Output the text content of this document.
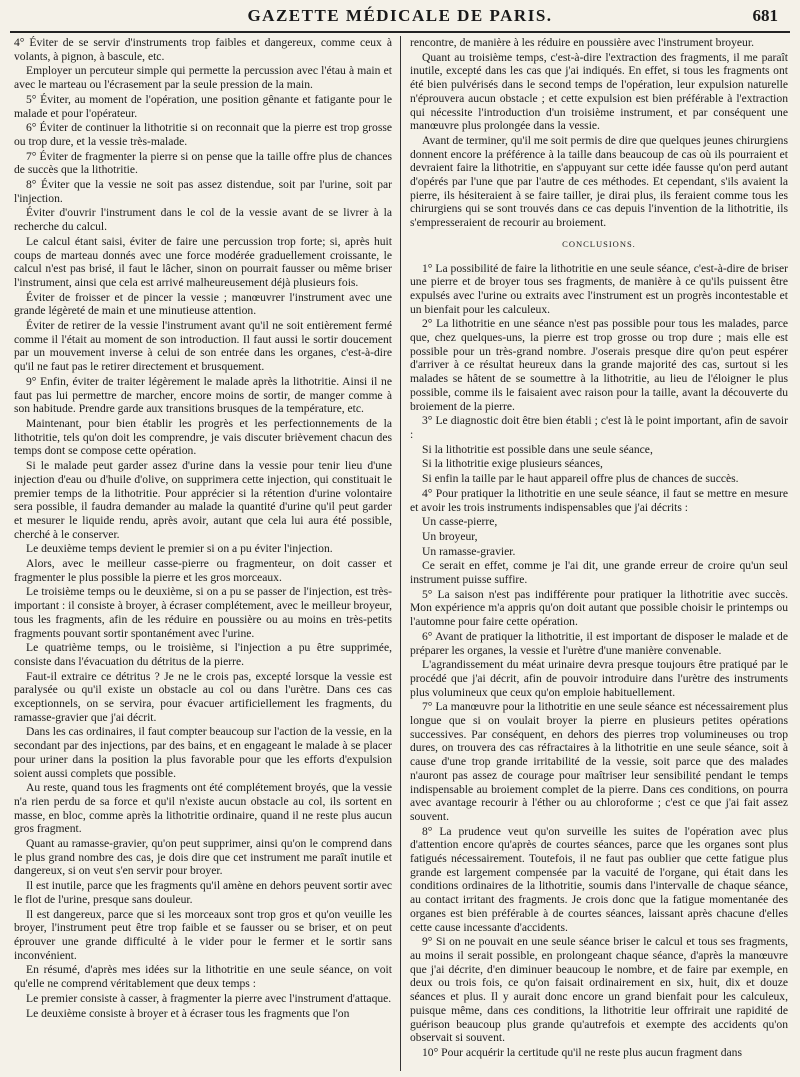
GAZETTE MÉDICALE DE PARIS.	681

4° Éviter de se servir d'instruments trop faibles et dangereux, comme ceux à volants, à pignon, à bascule, etc.

Employer un percuteur simple qui permette la percussion avec l'étau à main et avec le marteau ou l'écrasement par la seule pression de la main.

5° Éviter, au moment de l'opération, une position gênante et fatigante pour le malade et pour l'opérateur.

6° Éviter de continuer la lithotritie si on reconnait que la pierre est trop grosse ou trop dure, et la vessie très-malade.

7° Éviter de fragmenter la pierre si on pense que la taille offre plus de chances de succès que la lithotritie.

8° Éviter que la vessie ne soit pas assez distendue, soit par l'urine, soit par l'injection.

Éviter d'ouvrir l'instrument dans le col de la vessie avant de se livrer à la recherche du calcul.

Le calcul étant saisi, éviter de faire une percussion trop forte; si, après huit coups de marteau donnés avec une force modérée graduellement croissante, le calcul n'est pas brisé, il faut le lâcher, sinon on pourrait fausser ou même briser l'instrument, ainsi que cela est arrivé malheureusement déjà plusieurs fois.

Éviter de froisser et de pincer la vessie ; manœuvrer l'instrument avec une grande légèreté de main et une minutieuse attention.

Éviter de retirer de la vessie l'instrument avant qu'il ne soit entièrement fermé comme il l'était au moment de son introduction. Il faut aussi le sortir doucement par un mouvement inverse à celui de son entrée dans les organes, c'est-à-dire qu'il ne faut pas le retirer directement et brusquement.

9° Enfin, éviter de traiter légèrement le malade après la lithotritie. Ainsi il ne faut pas lui permettre de marcher, encore moins de sortir, de manger comme à son habitude. Prendre garde aux transitions brusques de la température, etc.

Maintenant, pour bien établir les progrès et les perfectionnements de la lithotritie, tels qu'on doit les comprendre, je vais discuter brièvement chacun des temps dont se compose cette opération.

Si le malade peut garder assez d'urine dans la vessie pour tenir lieu d'une injection d'eau ou d'huile d'olive, on supprimera cette injection, qui constituait le premier temps de la lithotritie. Pour apprécier si la rétention d'urine volontaire sera possible, il faudra demander au malade la quantité d'urine qu'il peut garder et mesurer le liquide rendu, après avoir, autant que cela lui aura été possible, cherché à le conserver.

Le deuxième temps devient le premier si on a pu éviter l'injection.

Alors, avec le meilleur casse-pierre ou fragmenteur, on doit casser et fragmenter le plus possible la pierre et les gros morceaux.

Le troisième temps ou le deuxième, si on a pu se passer de l'injection, est très-important : il consiste à broyer, à écraser complétement, avec le meilleur broyeur, tous les fragments, afin de les réduire en poussière ou au moins en très-petits fragments pouvant sortir spontanément avec l'urine.

Le quatrième temps, ou le troisième, si l'injection a pu être supprimée, consiste dans l'évacuation du détritus de la pierre.

Faut-il extraire ce détritus ? Je ne le crois pas, excepté lorsque la vessie est paralysée ou qu'il existe un obstacle au col ou dans l'urètre. Dans ces cas exceptionnels, on se servira, pour évacuer artificiellement les fragments, du ramasse-gravier que j'ai décrit.

Dans les cas ordinaires, il faut compter beaucoup sur l'action de la vessie, en la secondant par des injections, par des bains, et en engageant le malade à se placer pour uriner dans la position la plus favorable pour que les efforts d'expulsion soient aussi complets que possible.

Au reste, quand tous les fragments ont été complétement broyés, que la vessie n'a rien perdu de sa force et qu'il n'existe aucun obstacle au col, ils sortent en masse, en bloc, comme après la lithotritie ordinaire, quand il ne reste plus aucun gros fragment.

Quant au ramasse-gravier, qu'on peut supprimer, ainsi qu'on le comprend dans le plus grand nombre des cas, je dois dire que cet instrument me paraît inutile et dangereux, si on veut s'en servir pour broyer.

Il est inutile, parce que les fragments qu'il amène en dehors peuvent sortir avec le flot de l'urine, presque sans douleur.

Il est dangereux, parce que si les morceaux sont trop gros et qu'on veuille les broyer, l'instrument peut être trop faible et se fausser ou se briser, et on peut éprouver une grande difficulté à le vider pour le fermer et le sortir sans inconvénient.

En résumé, d'après mes idées sur la lithotritie en une seule séance, on voit qu'elle ne comprend véritablement que deux temps :

Le premier consiste à casser, à fragmenter la pierre avec l'instrument d'attaque.

Le deuxième consiste à broyer et à écraser tous les fragments que l'on

rencontre, de manière à les réduire en poussière avec l'instrument broyeur.

Quant au troisième temps, c'est-à-dire l'extraction des fragments, il me paraît inutile, excepté dans les cas que j'ai indiqués. En effet, si tous les fragments ont été bien pulvérisés dans le second temps de l'opération, leur expulsion naturelle n'éprouvera aucun obstacle ; et cette expulsion est bien préférable à l'extraction qui nécessite l'introduction d'un troisième instrument, et par conséquent une manœuvre plus prolongée dans la vessie.

Avant de terminer, qu'il me soit permis de dire que quelques jeunes chirurgiens donnent encore la préférence à la taille dans beaucoup de cas où ils pourraient et devraient faire la lithotritie, en s'appuyant sur cette idée fausse qu'on perd autant d'opérés par l'une que par l'autre de ces méthodes. Et cependant, s'ils avaient la pierre, ils hésiteraient à se faire tailler, je dirai plus, ils feraient comme tous les chirurgiens qui se sont trouvés dans ce cas depuis l'invention de la lithotritie, ils s'empresseraient de recourir au broiement.

CONCLUSIONS.

1° La possibilité de faire la lithotritie en une seule séance, c'est-à-dire de briser une pierre et de broyer tous ses fragments, de manière à ce qu'ils puissent être expulsés avec l'urine ou extraits avec l'instrument est un progrès incontestable et un bienfait pour les calculeux.

2° La lithotritie en une séance n'est pas possible pour tous les malades, parce que, chez quelques-uns, la pierre est trop grosse ou trop dure ; mais elle est possible pour un très-grand nombre. J'oserais presque dire qu'on peut espérer d'arriver à ce résultat heureux dans la grande majorité des cas, surtout si les malades se hâtent de se soumettre à la lithotritie, au lieu de l'éloigner le plus possible, comme ils le faisaient avec raison pour la taille, avant la découverte du broiement de la pierre.

3° Le diagnostic doit être bien établi ; c'est là le point important, afin de savoir :

Si la lithotritie est possible dans une seule séance,

Si la lithotritie exige plusieurs séances,

Si enfin la taille par le haut appareil offre plus de chances de succès.

4° Pour pratiquer la lithotritie en une seule séance, il faut se mettre en mesure et avoir les trois instruments indispensables que j'ai décrits :

Un casse-pierre,

Un broyeur,

Un ramasse-gravier.

Ce serait en effet, comme je l'ai dit, une grande erreur de croire qu'un seul instrument puisse suffire.

5° La saison n'est pas indifférente pour pratiquer la lithotritie avec succès. Mon expérience m'a appris qu'on doit autant que possible choisir le printemps ou l'automne pour faire cette opération.

6° Avant de pratiquer la lithotritie, il est important de disposer le malade et de préparer les organes, la vessie et l'urètre d'une manière convenable.

L'agrandissement du méat urinaire devra presque toujours être pratiqué par le procédé que j'ai décrit, afin de pouvoir introduire dans l'urètre des instruments plus volumineux que ceux qu'on emploie habituellement.

7° La manœuvre pour la lithotritie en une seule séance est nécessairement plus longue que si on voulait broyer la pierre en plusieurs petites opérations successives. Par conséquent, en dehors des pierres trop volumineuses ou trop dures, on trouvera des cas réfractaires à la lithotritie en une seule séance, soit à cause d'une trop grande irritabilité de la vessie, soit parce que des malades n'auront pas assez de courage pour maîtriser leur sensibilité pendant le temps indispensable au broiement complet de la pierre. Dans ces conditions, on pourra avec avantage recourir à l'éther ou au chloroforme ; c'est ce que j'ai fait assez souvent.

8° La prudence veut qu'on surveille les suites de l'opération avec plus d'attention encore qu'après de courtes séances, parce que les organes sont plus fatigués nécessairement. Toutefois, il ne faut pas oublier que cette fatigue plus grande est largement compensée par la vacuité de l'organe, qui était dans les conditions ordinaires de la lithotritie, soumis dans l'intervalle de chaque séance, au contact irritant des fragments. Je crois donc que la fatigue momentanée des organes est bien préférable à de courtes séances, laissant après chacune d'elles cette cause incessante d'accidents.

9° Si on ne pouvait en une seule séance briser le calcul et tous ses fragments, au moins il serait possible, en prolongeant chaque séance, d'après la manœuvre que j'ai décrite, d'en diminuer beaucoup le nombre, et de faire par exemple, en deux ou trois fois, ce qu'on faisait ordinairement en six, huit, dix et douze séances et plus. Il y aurait donc encore un grand bienfait pour les calculeux, puisque même, dans ces conditions, la lithotritie leur offrirait une rapidité de guérison beaucoup plus grande qu'autrefois et exempte des accidents qu'on observait si souvent.

10° Pour acquérir la certitude qu'il ne reste plus aucun fragment dans
